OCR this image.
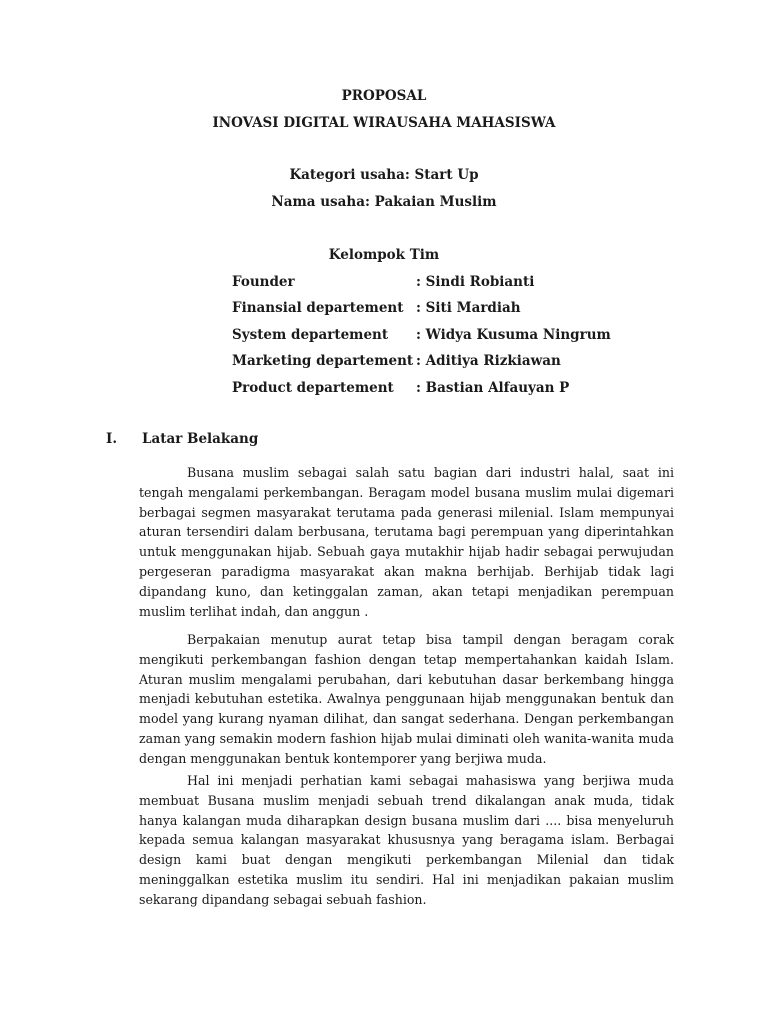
PROPOSAL
INOVASI DIGITAL WIRAUSAHA MAHASISWA
Kategori usaha: Start Up
Nama usaha: Pakaian Muslim
Kelompok Tim
Founder	: Sindi Robianti
Finansial departement : Siti Mardiah
System departement : Widya Kusuma Ningrum
Marketing departement : Aditiya Rizkiawan
Product departement : Bastian Alfauyan P
I. Latar Belakang

Busana muslim sebagai salah satu bagian dari industri halal, saat ini tengah mengalami perkembangan. Beragam model busana muslim mulai digemari berbagai segmen masyarakat terutama pada generasi milenial. Islam mempunyai aturan tersendiri dalam berbusana, terutama bagi perempuan yang diperintahkan untuk menggunakan hijab. Sebuah gaya mutakhir hijab hadir sebagai perwujudan pergeseran paradigma masyarakat akan makna berhijab. Berhijab tidak lagi dipandang kuno, dan ketinggalan zaman, akan tetapi menjadikan perempuan muslim terlihat indah, dan anggun .

Berpakaian menutup aurat tetap bisa tampil dengan beragam corak mengikuti perkembangan fashion dengan tetap mempertahankan kaidah Islam. Aturan muslim mengalami perubahan, dari kebutuhan dasar berkembang hingga menjadi kebutuhan estetika. Awalnya penggunaan hijab menggunakan bentuk dan model yang kurang nyaman dilihat, dan sangat sederhana. Dengan perkembangan zaman yang semakin modern fashion hijab mulai diminati oleh wanita-wanita muda dengan menggunakan bentuk kontemporer yang berjiwa muda.

Hal ini menjadi perhatian kami sebagai mahasiswa yang berjiwa muda membuat Busana muslim menjadi sebuah trend dikalangan anak muda, tidak hanya kalangan muda diharapkan design busana muslim dari .... bisa menyeluruh kepada semua kalangan masyarakat khususnya yang beragama islam. Berbagai design kami buat dengan mengikuti perkembangan Milenial dan tidak meninggalkan estetika muslim itu sendiri. Hal ini menjadikan pakaian muslim sekarang dipandang sebagai sebuah fashion.
